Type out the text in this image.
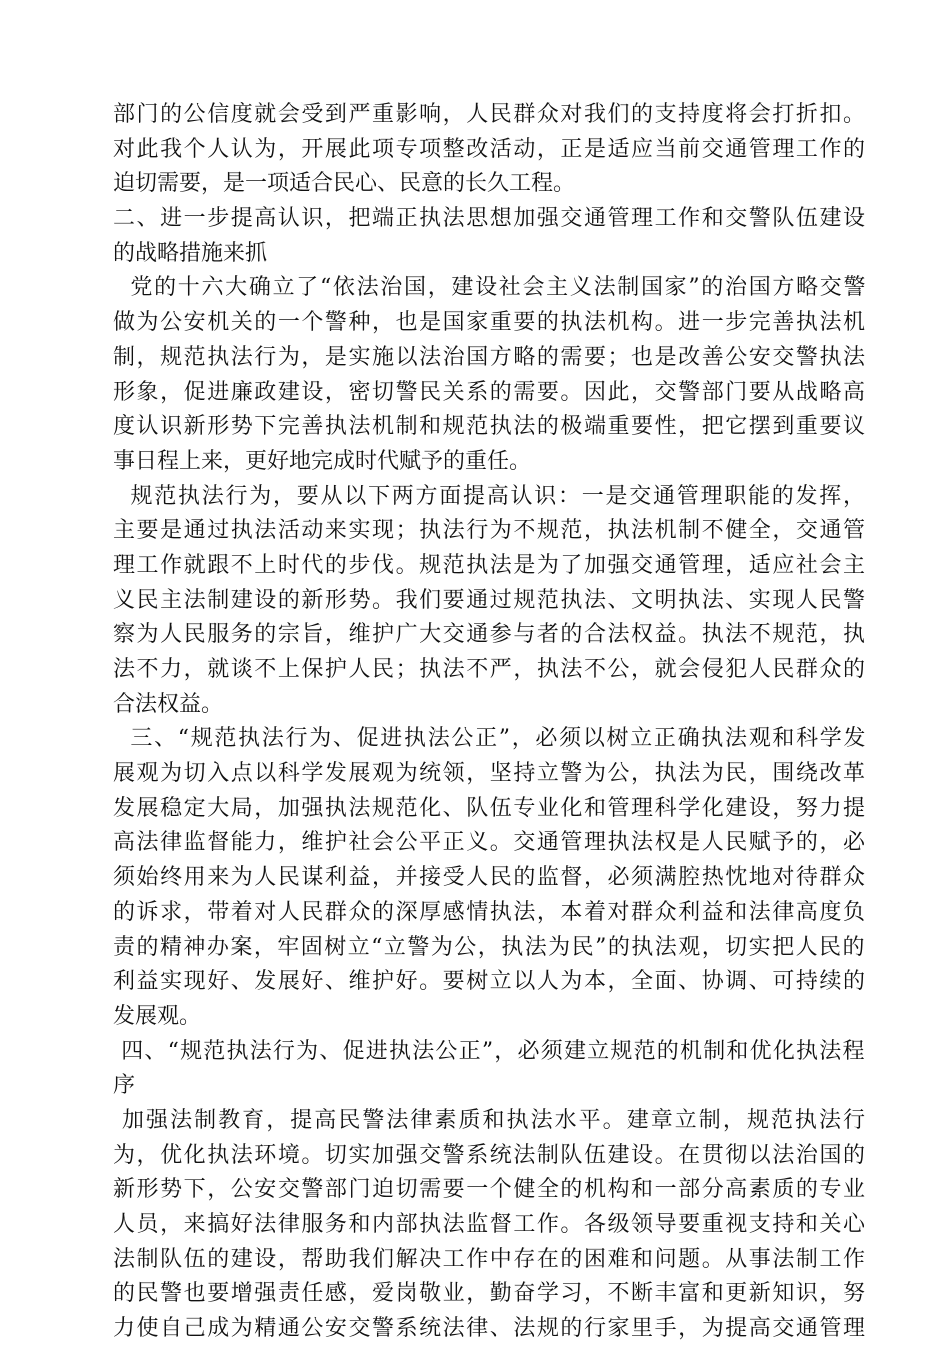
部门的公信度就会受到严重影响，人民群众对我们的支持度将会打折扣。
对此我个人认为，开展此项专项整改活动，正是适应当前交通管理工作的
迫切需要，是一项适合民心、民意的长久工程。
二、进一步提高认识，把端正执法思想加强交通管理工作和交警队伍建设
的战略措施来抓
党的十六大确立了“依法治国，建设社会主义法制国家”的治国方略交警
做为公安机关的一个警种，也是国家重要的执法机构。进一步完善执法机
制，规范执法行为，是实施以法治国方略的需要；也是改善公安交警执法
形象，促进廉政建设，密切警民关系的需要。因此，交警部门要从战略高
度认识新形势下完善执法机制和规范执法的极端重要性，把它摆到重要议
事日程上来，更好地完成时代赋予的重任。
规范执法行为，要从以下两方面提高认识：一是交通管理职能的发挥，
主要是通过执法活动来实现；执法行为不规范，执法机制不健全，交通管
理工作就跟不上时代的步伐。规范执法是为了加强交通管理，适应社会主
义民主法制建设的新形势。我们要通过规范执法、文明执法、实现人民警
察为人民服务的宗旨，维护广大交通参与者的合法权益。执法不规范，执
法不力，就谈不上保护人民；执法不严，执法不公，就会侵犯人民群众的
合法权益。
三、“规范执法行为、促进执法公正”，必须以树立正确执法观和科学发
展观为切入点以科学发展观为统领，坚持立警为公，执法为民，围绕改革
发展稳定大局，加强执法规范化、队伍专业化和管理科学化建设，努力提
高法律监督能力，维护社会公平正义。交通管理执法权是人民赋予的，必
须始终用来为人民谋利益，并接受人民的监督，必须满腔热忱地对待群众
的诉求，带着对人民群众的深厚感情执法，本着对群众利益和法律高度负
责的精神办案，牢固树立“立警为公，执法为民”的执法观，切实把人民的
利益实现好、发展好、维护好。要树立以人为本，全面、协调、可持续的
发展观。
四、“规范执法行为、促进执法公正”，必须建立规范的机制和优化执法程
序
加强法制教育，提高民警法律素质和执法水平。建章立制，规范执法行
为，优化执法环境。切实加强交警系统法制队伍建设。在贯彻以法治国的
新形势下，公安交警部门迫切需要一个健全的机构和一部分高素质的专业
人员，来搞好法律服务和内部执法监督工作。各级领导要重视支持和关心
法制队伍的建设，帮助我们解决工作中存在的困难和问题。从事法制工作
的民警也要增强责任感，爱岗敬业，勤奋学习，不断丰富和更新知识，努
力使自己成为精通公安交警系统法律、法规的行家里手，为提高交通管理
